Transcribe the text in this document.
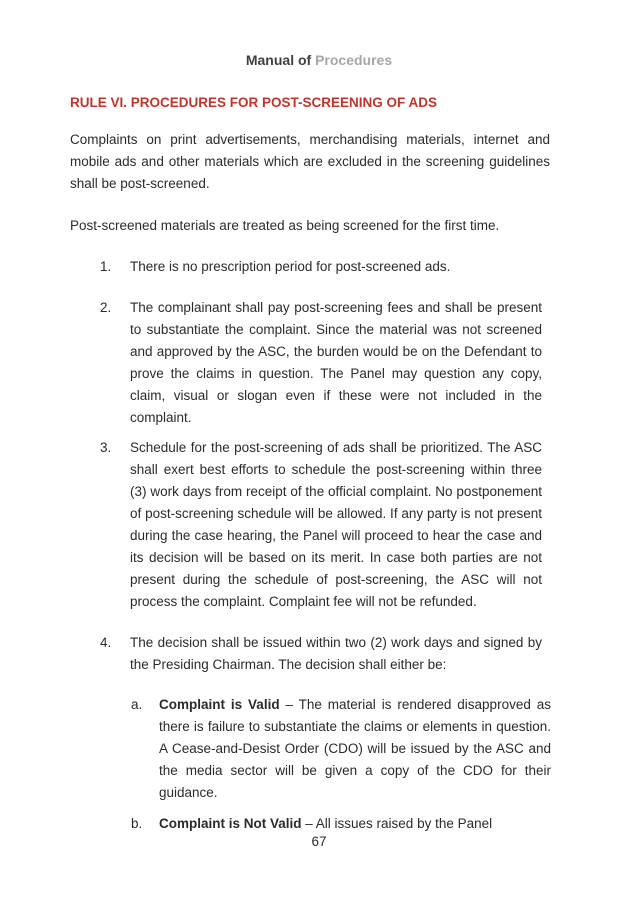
Manual of Procedures
RULE VI. PROCEDURES FOR POST-SCREENING OF ADS

Complaints on print advertisements, merchandising materials, internet and mobile ads and other materials which are excluded in the screening guidelines shall be post-screened.

Post-screened materials are treated as being screened for the first time.

1.	There is no prescription period for post-screened ads.
2.	The complainant shall pay post-screening fees and shall be present to substantiate the complaint. Since the material was not screened and approved by the ASC, the burden would be on the Defendant to prove the claims in question. The Panel may question any copy, claim, visual or slogan even if these were not included in the complaint.
3.	Schedule for the post-screening of ads shall be prioritized. The ASC shall exert best efforts to schedule the post-screening within three (3) work days from receipt of the official complaint. No postponement of post-screening schedule will be allowed. If any party is not present during the case hearing, the Panel will proceed to hear the case and its decision will be based on its merit. In case both parties are not present during the schedule of post-screening, the ASC will not process the complaint. Complaint fee will not be refunded.
4.	The decision shall be issued within two (2) work days and signed by the Presiding Chairman. The decision shall either be:
a.	Complaint is Valid – The material is rendered disapproved as there is failure to substantiate the claims or elements in question. A Cease-and-Desist Order (CDO) will be issued by the ASC and the media sector will be given a copy of the CDO for their guidance.
b.	Complaint is Not Valid – All issues raised by the Panel
67
